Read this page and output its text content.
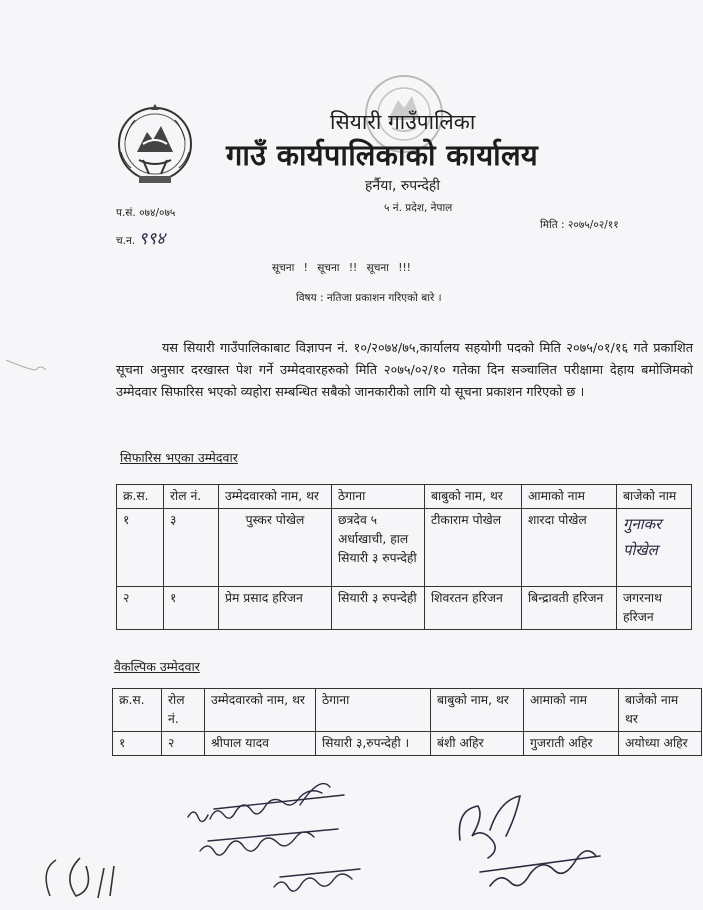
सियारी गाउँपालिका
गाउँ कार्यपालिकाको कार्यालय
हर्नैया, रुपन्देही
५ नं. प्रदेश, नेपाल
प.सं. ०७४/०७५
च.न. ९९४
मिति : २०७५/०२/११
सूचना ! सूचना !! सूचना !!!
विषय : नतिजा प्रकाशन गरिएको बारे ।
यस सियारी गाउँपालिकाबाट विज्ञापन नं. १०/२०७४/७५,कार्यालय सहयोगी पदको मिति २०७५/०१/१६ गते प्रकाशित सूचना अनुसार दरखास्त पेश गर्ने उम्मेदवारहरुको मिति २०७५/०२/१० गतेका दिन सञ्चालित परीक्षामा देहाय बमोजिमको उम्मेदवार सिफारिस भएको व्यहोरा सम्बन्धित सबैको जानकारीको लागि यो सूचना प्रकाशन गरिएको छ ।
सिफारिस भएका उम्मेदवार
क्र.स.	रोल नं.	उम्मेदवारको नाम, थर	ठेगाना	बाबुको नाम, थर	आमाको नाम	बाजेको नाम
१	३	पुस्कर पोखेल	छत्रदेव ५ अर्धाखाची, हाल सियारी ३ रुपन्देही	टीकाराम पोखेल	शारदा पोखेल	गुनाकर पोखेल
२	१	प्रेम प्रसाद हरिजन	सियारी ३ रुपन्देही	शिवरतन हरिजन	बिन्द्रावती हरिजन	जगरनाथ हरिजन
वैकल्पिक उम्मेदवार
क्र.स.	रोल नं.	उम्मेदवारको नाम, थर	ठेगाना	बाबुको नाम, थर	आमाको नाम	बाजेको नाम थर
१	२	श्रीपाल यादव	सियारी ३,रुपन्देही ।	बंशी अहिर	गुजराती अहिर	अयोध्या अहिर
